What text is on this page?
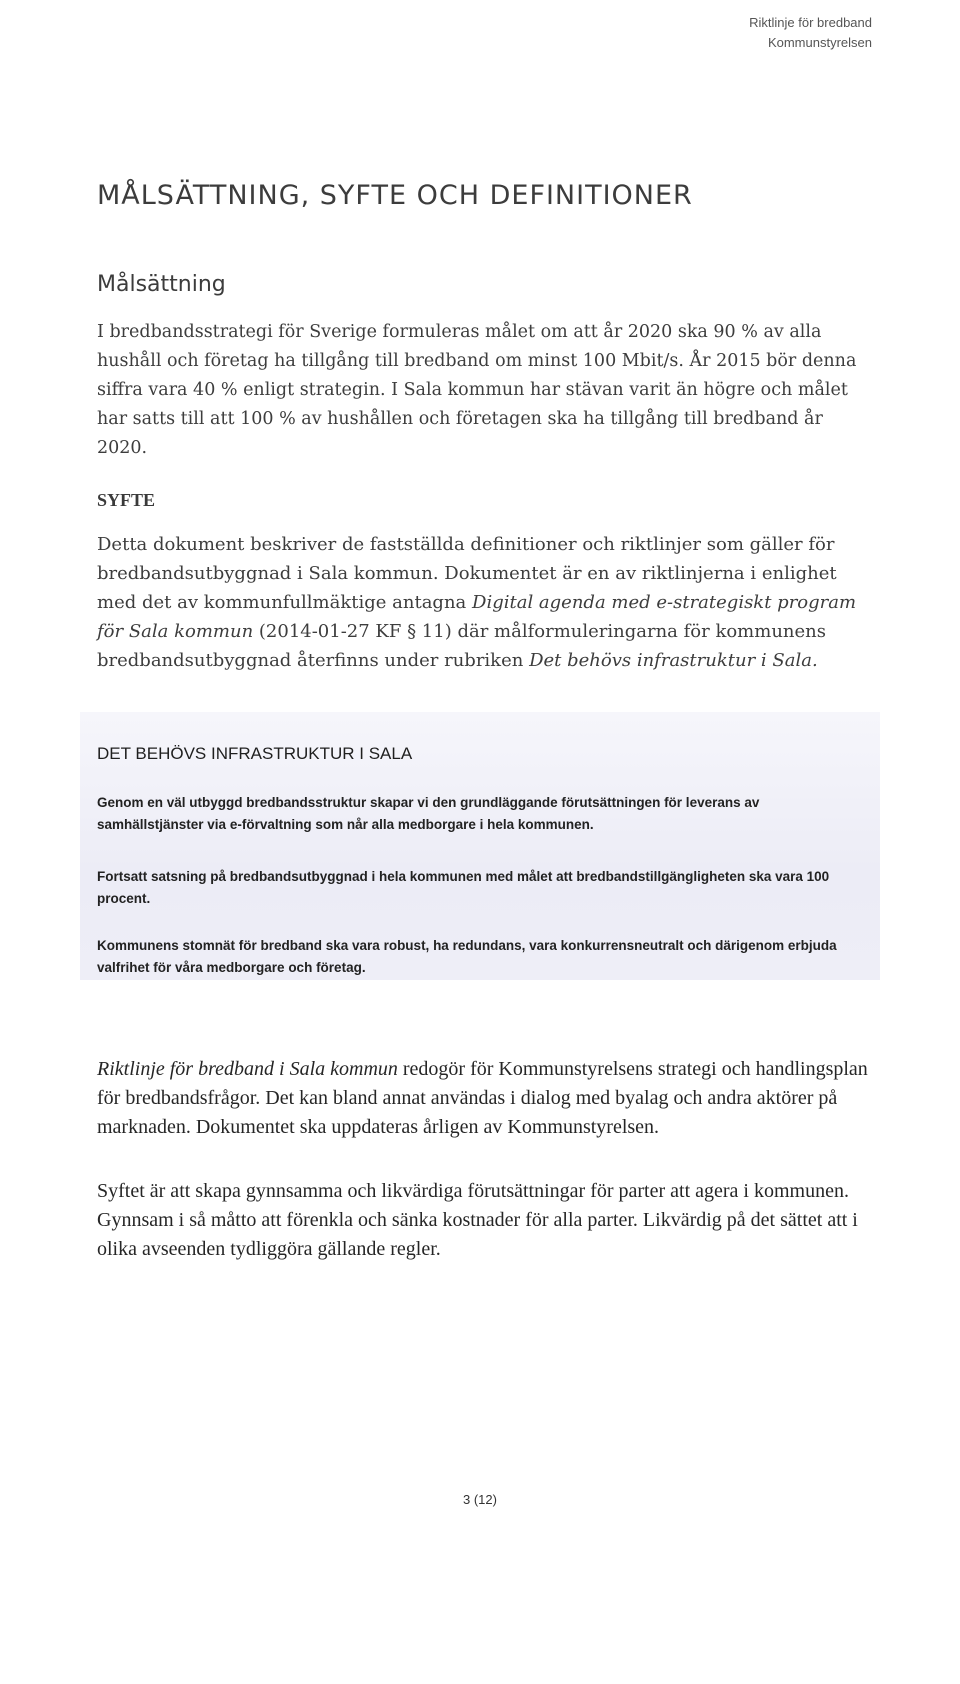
Riktlinje för bredband
Kommunstyrelsen
MÅLSÄTTNING, SYFTE OCH DEFINITIONER
Målsättning

I bredbandsstrategi för Sverige formuleras målet om att år 2020 ska 90 % av alla hushåll och företag ha tillgång till bredband om minst 100 Mbit/s. År 2015 bör denna siffra vara 40 % enligt strategin. I Sala kommun har stävan varit än högre och målet har satts till att 100 % av hushållen och företagen ska ha tillgång till bredband år 2020.

SYFTE

Detta dokument beskriver de fastställda definitioner och riktlinjer som gäller för bredbandsutbyggnad i Sala kommun. Dokumentet är en av riktlinjerna i enlighet med det av kommunfullmäktige antagna Digital agenda med e-strategiskt program för Sala kommun (2014-01-27 KF § 11) där målformuleringarna för kommunens bredbandsutbyggnad återfinns under rubriken Det behövs infrastruktur i Sala.

DET BEHÖVS INFRASTRUKTUR I SALA

Genom en väl utbyggd bredbandsstruktur skapar vi den grundläggande förutsättningen för leverans av samhällstjänster via e-förvaltning som når alla medborgare i hela kommunen.

Fortsatt satsning på bredbandsutbyggnad i hela kommunen med målet att bredbandstillgängligheten ska vara 100 procent.

Kommunens stomnät för bredband ska vara robust, ha redundans, vara konkurrensneutralt och därigenom erbjuda valfrihet för våra medborgare och företag.

Riktlinje för bredband i Sala kommun redogör för Kommunstyrelsens strategi och handlingsplan för bredbandsfrågor. Det kan bland annat användas i dialog med byalag och andra aktörer på marknaden. Dokumentet ska uppdateras årligen av Kommunstyrelsen.

Syftet är att skapa gynnsamma och likvärdiga förutsättningar för parter att agera i kommunen. Gynnsam i så måtto att förenkla och sänka kostnader för alla parter. Likvärdig på det sättet att i olika avseenden tydliggöra gällande regler.

3 (12)
